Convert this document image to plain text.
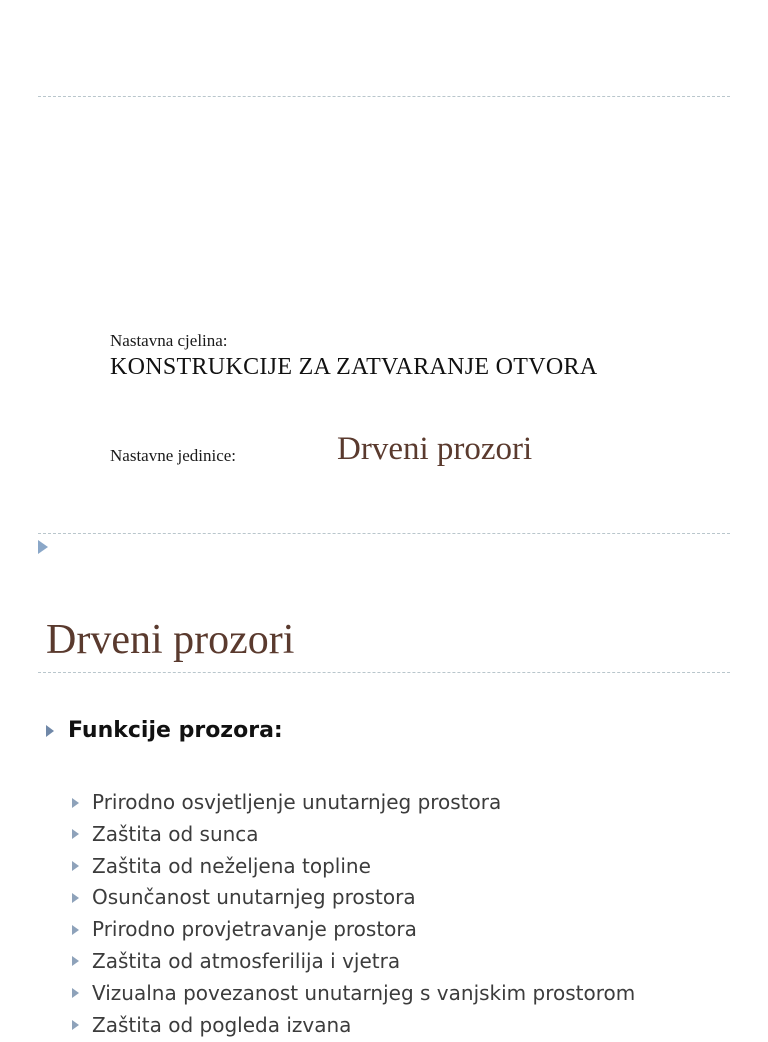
Nastavna cjelina:
KONSTRUKCIJE ZA ZATVARANJE OTVORA
Nastavne jedinice:	Drveni prozori
Drveni prozori
Funkcije prozora:
Prirodno osvjetljenje unutarnjeg prostora
Zaštita od sunca
Zaštita od neželjena topline
Osunčanost unutarnjeg prostora
Prirodno provjetravanje prostora
Zaštita od atmosferilija i vjetra
Vizualna povezanost unutarnjeg s vanjskim prostorom
Zaštita od pogleda izvana
